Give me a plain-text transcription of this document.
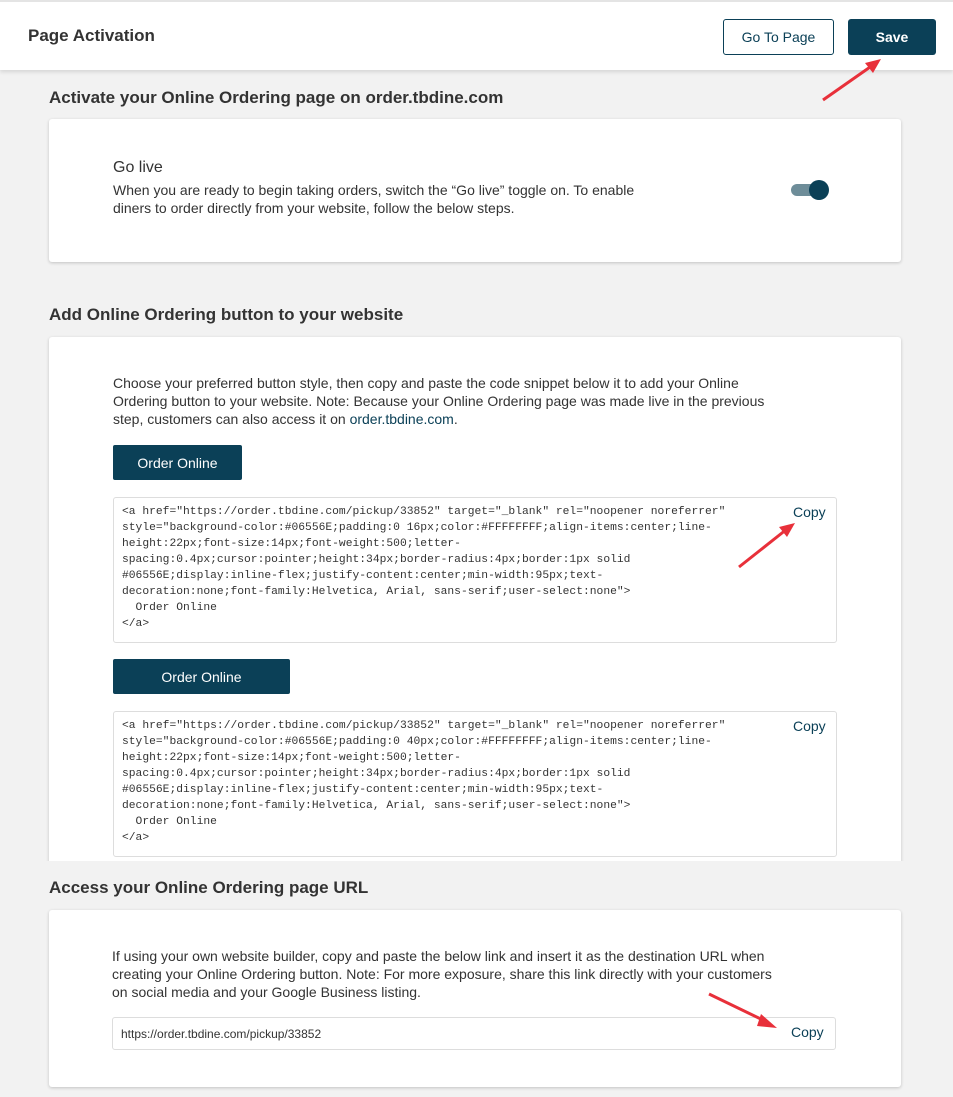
Page Activation	Go To Page	Save
Activate your Online Ordering page on order.tbdine.com
Go live
When you are ready to begin taking orders, switch the “Go live” toggle on. To enable
diners to order directly from your website, follow the below steps.
Add Online Ordering button to your website
Choose your preferred button style, then copy and paste the code snippet below it to add your Online
Ordering button to your website. Note: Because your Online Ordering page was made live in the previous
step, customers can also access it on order.tbdine.com.
Order Online
<a href="https://order.tbdine.com/pickup/33852" target="_blank" rel="noopener noreferrer"
style="background-color:#06556E;padding:0 16px;color:#FFFFFFFF;align-items:center;line-
height:22px;font-size:14px;font-weight:500;letter-
spacing:0.4px;cursor:pointer;height:34px;border-radius:4px;border:1px solid
#06556E;display:inline-flex;justify-content:center;min-width:95px;text-
decoration:none;font-family:Helvetica, Arial, sans-serif;user-select:none">
Order Online
</a>
Copy
Order Online
<a href="https://order.tbdine.com/pickup/33852" target="_blank" rel="noopener noreferrer"
style="background-color:#06556E;padding:0 40px;color:#FFFFFFFF;align-items:center;line-
height:22px;font-size:14px;font-weight:500;letter-
spacing:0.4px;cursor:pointer;height:34px;border-radius:4px;border:1px solid
#06556E;display:inline-flex;justify-content:center;min-width:95px;text-
decoration:none;font-family:Helvetica, Arial, sans-serif;user-select:none">
Order Online
</a>
Copy
Access your Online Ordering page URL
If using your own website builder, copy and paste the below link and insert it as the destination URL when
creating your Online Ordering button. Note: For more exposure, share this link directly with your customers
on social media and your Google Business listing.
https://order.tbdine.com/pickup/33852	Copy
